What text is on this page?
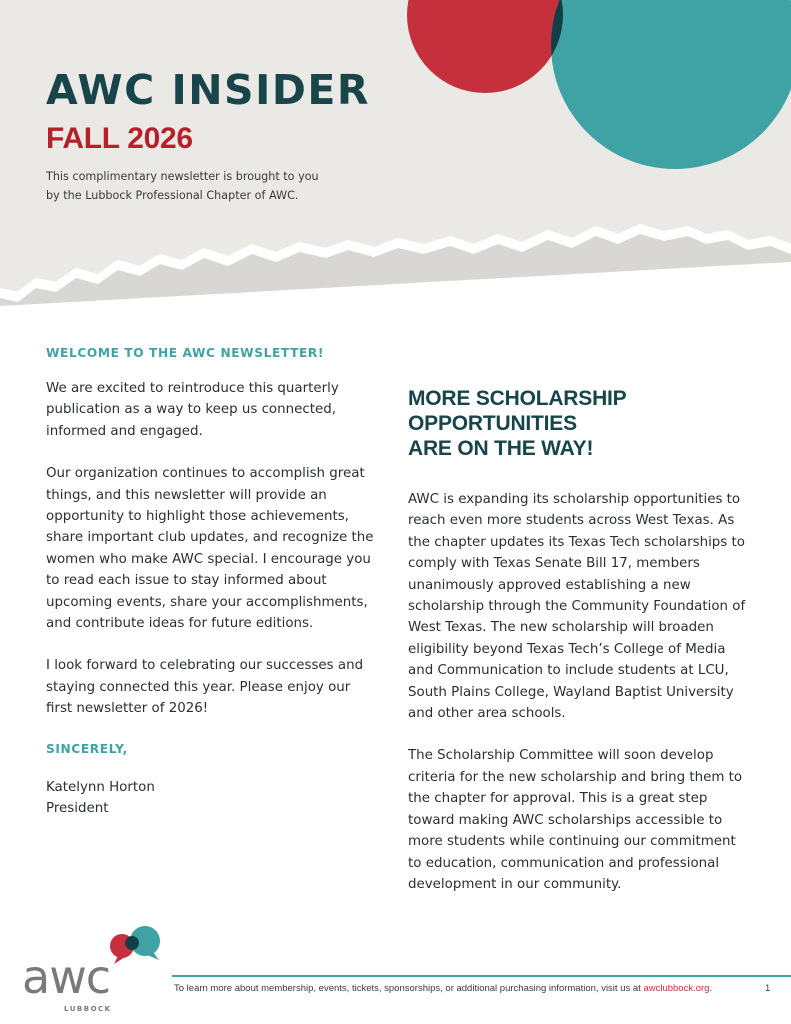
AWC INSIDER
FALL 2026
This complimentary newsletter is brought to you
by the Lubbock Professional Chapter of AWC.

WELCOME TO THE AWC NEWSLETTER!

We are excited to reintroduce this quarterly publication as a way to keep us connected, informed and engaged.

Our organization continues to accomplish great things, and this newsletter will provide an opportunity to highlight those achievements, share important club updates, and recognize the women who make AWC special. I encourage you to read each issue to stay informed about upcoming events, share your accomplishments, and contribute ideas for future editions.

I look forward to celebrating our successes and staying connected this year. Please enjoy our first newsletter of 2026!

SINCERELY,

Katelynn Horton
President
MORE SCHOLARSHIP OPPORTUNITIES
ARE ON THE WAY!

AWC is expanding its scholarship opportunities to reach even more students across West Texas. As the chapter updates its Texas Tech scholarships to comply with Texas Senate Bill 17, members unanimously approved establishing a new scholarship through the Community Foundation of West Texas. The new scholarship will broaden eligibility beyond Texas Tech’s College of Media and Communication to include students at LCU, South Plains College, Wayland Baptist University and other area schools.

The Scholarship Committee will soon develop criteria for the new scholarship and bring them to the chapter for approval. This is a great step toward making AWC scholarships accessible to more students while continuing our commitment to education, communication and professional development in our community.

awc
LUBBOCK
To learn more about membership, events, tickets, sponsorships, or additional purchasing information, visit us at awclubbock.org.	1
